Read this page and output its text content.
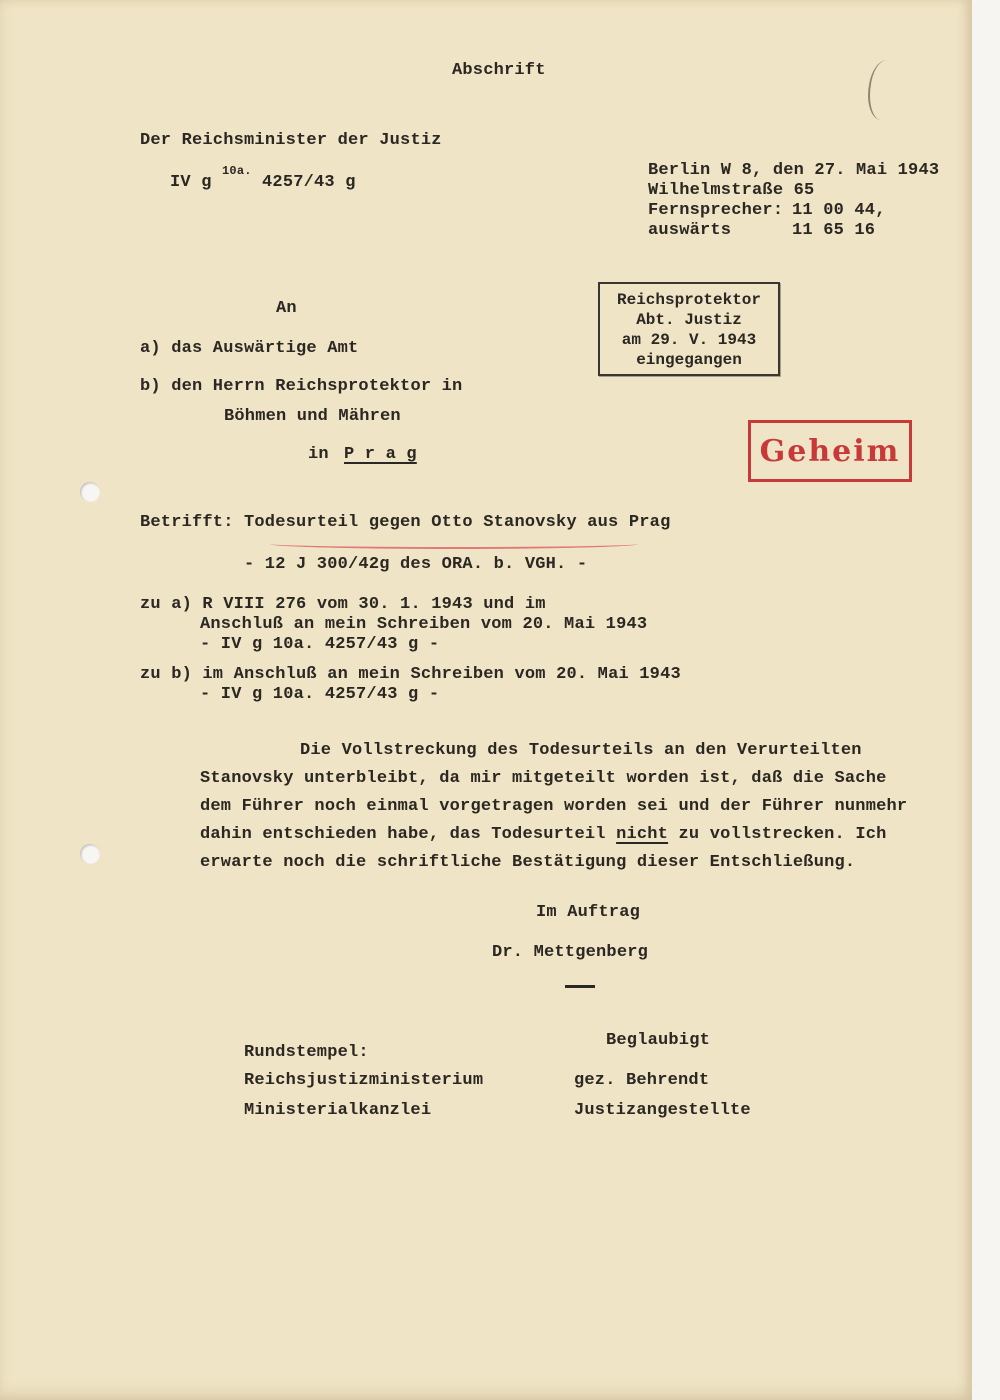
Abschrift

Der Reichsminister der Justiz

IV g $^{10a.}$ 4257/43 g

Berlin W 8, den 27. Mai 1943

Wilhelmstraße 65

Fernsprecher: 11 00 44,

auswärts	11 65 16

Reichsprotektor
Abt. Justiz
am 29. V. 1943
eingegangen

An

a) das Auswärtige Amt

b) den Herrn Reichsprotektor in

Böhmen und Mähren

in P r a g	Geheim

Betrifft: Todesurteil gegen Otto Stanovsky aus Prag

- 12 J 300/42g des ORA. b. VGH. -

zu a) R VIII 276 vom 30. 1. 1943 und im

Anschluß an mein Schreiben vom 20. Mai 1943

- IV g 10a. 4257/43 g -

zu b) im Anschluß an mein Schreiben vom 20. Mai 1943

- IV g 10a. 4257/43 g -

Die Vollstreckung des Todesurteils an den Verurteilten

Stanovsky unterbleibt, da mir mitgeteilt worden ist, daß die Sache

dem Führer noch einmal vorgetragen worden sei und der Führer nunmehr

dahin entschieden habe, das Todesurteil nicht zu vollstrecken. Ich

erwarte noch die schriftliche Bestätigung dieser Entschließung.

Im Auftrag

Dr. Mettgenberg

Rundstempel:

Reichsjustizministerium

Ministerialkanzlei

Beglaubigt

gez. Behrendt

Justizangestellte
